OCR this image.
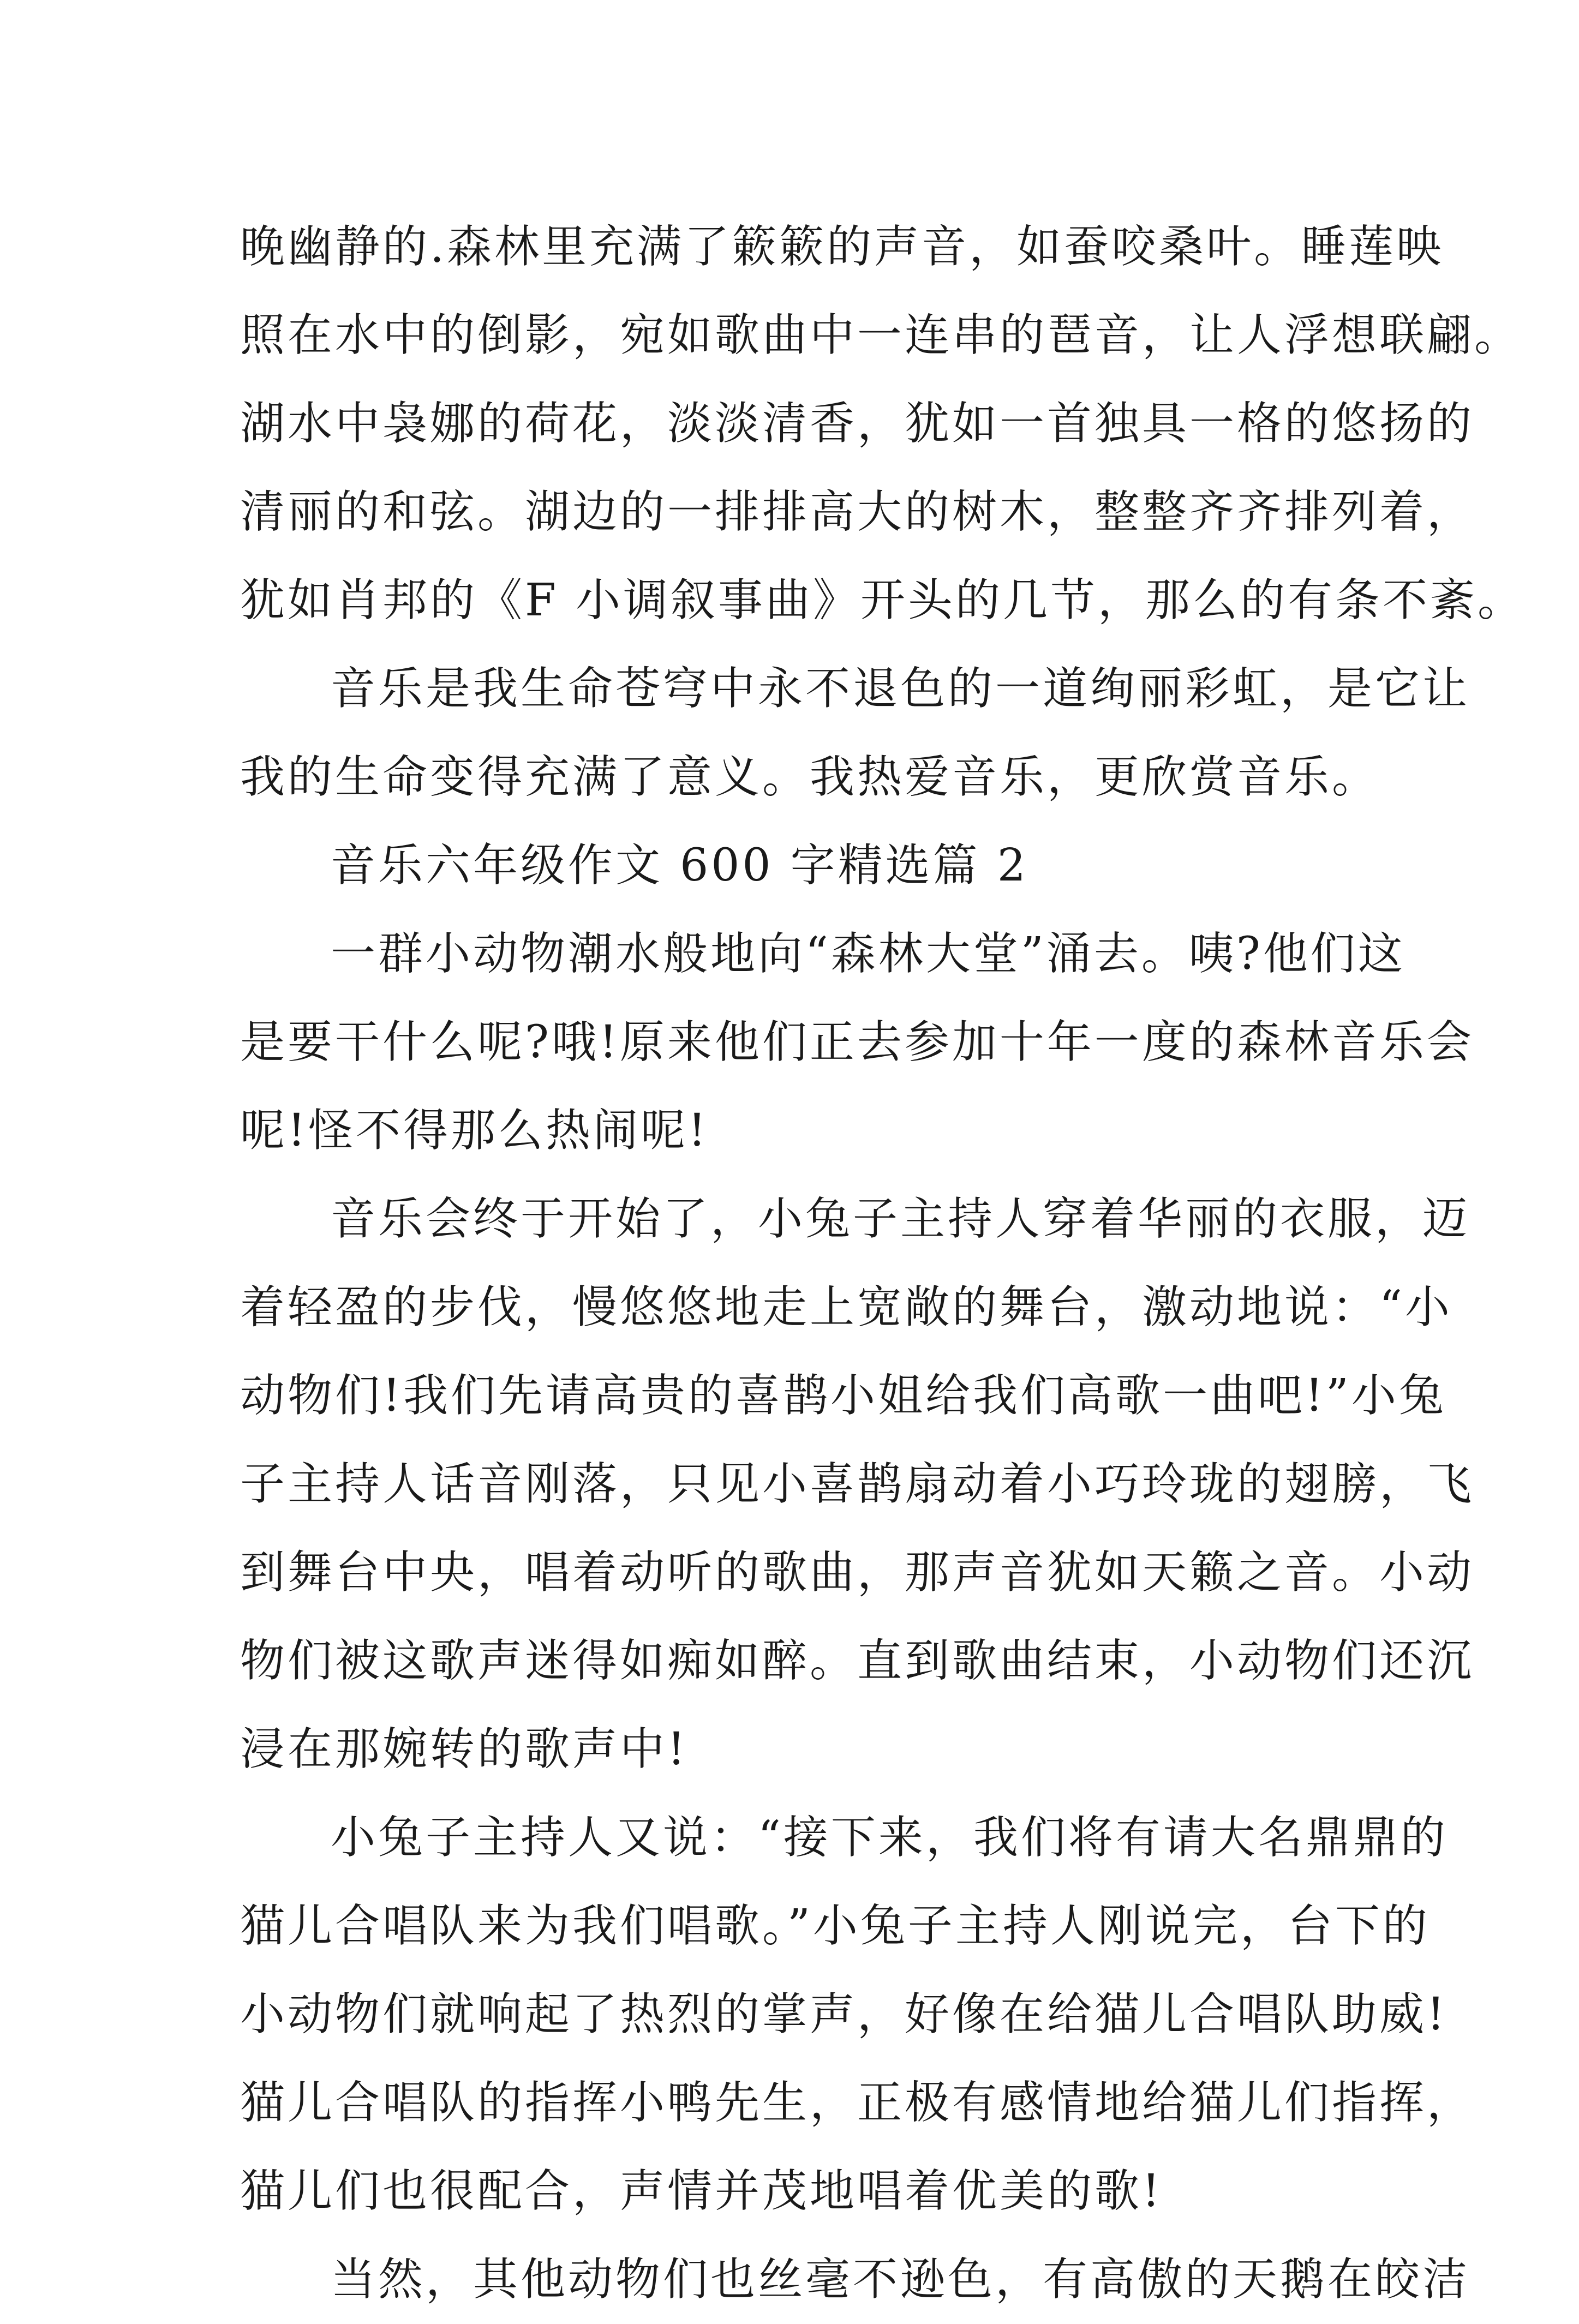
晚幽静的.森林里充满了簌簌的声音，如蚕咬桑叶。睡莲映
照在水中的倒影，宛如歌曲中一连串的琶音，让人浮想联翩。
湖水中袅娜的荷花，淡淡清香，犹如一首独具一格的悠扬的
清丽的和弦。湖边的一排排高大的树木，整整齐齐排列着，
犹如肖邦的《F 小调叙事曲》开头的几节，那么的有条不紊。
音乐是我生命苍穹中永不退色的一道绚丽彩虹，是它让
我的生命变得充满了意义。我热爱音乐，更欣赏音乐。
音乐六年级作文 600 字精选篇 2
一群小动物潮水般地向“森林大堂”涌去。咦?他们这
是要干什么呢?哦!原来他们正去参加十年一度的森林音乐会
呢!怪不得那么热闹呢!
音乐会终于开始了，小兔子主持人穿着华丽的衣服，迈
着轻盈的步伐，慢悠悠地走上宽敞的舞台，激动地说：“小
动物们!我们先请高贵的喜鹊小姐给我们高歌一曲吧!”小兔
子主持人话音刚落，只见小喜鹊扇动着小巧玲珑的翅膀，飞
到舞台中央，唱着动听的歌曲，那声音犹如天籁之音。小动
物们被这歌声迷得如痴如醉。直到歌曲结束，小动物们还沉
浸在那婉转的歌声中!
小兔子主持人又说：“接下来，我们将有请大名鼎鼎的
猫儿合唱队来为我们唱歌。”小兔子主持人刚说完，台下的
小动物们就响起了热烈的掌声，好像在给猫儿合唱队助威!
猫儿合唱队的指挥小鸭先生，正极有感情地给猫儿们指挥，
猫儿们也很配合，声情并茂地唱着优美的歌!
当然，其他动物们也丝毫不逊色，有高傲的天鹅在皎洁
